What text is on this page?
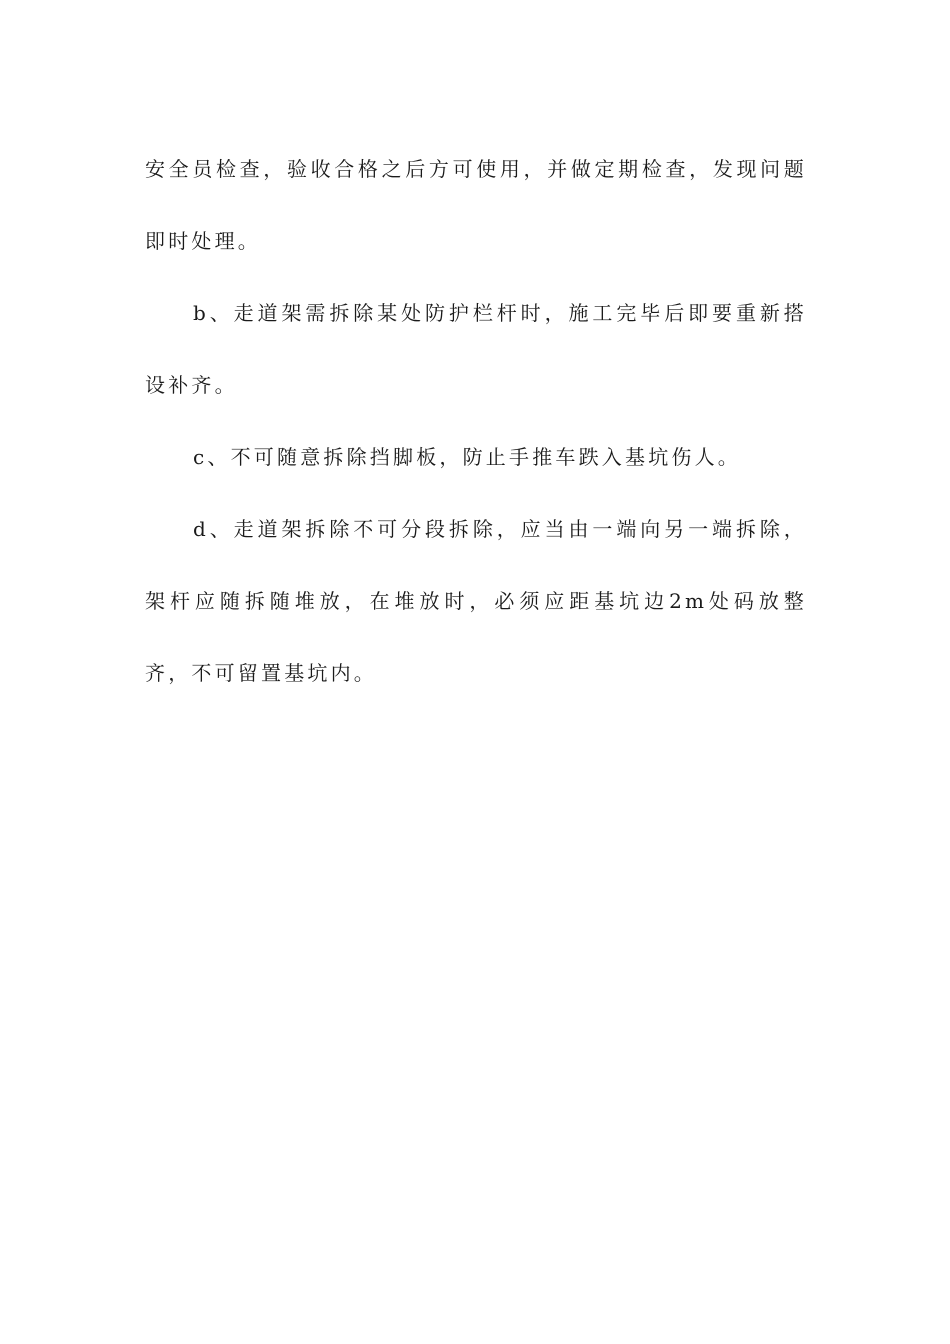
安全员检查，验收合格之后方可使用，并做定期检查，发现问题即时处理。

b、走道架需拆除某处防护栏杆时，施工完毕后即要重新搭设补齐。

c、不可随意拆除挡脚板，防止手推车跌入基坑伤人。

d、走道架拆除不可分段拆除，应当由一端向另一端拆除，架杆应随拆随堆放，在堆放时，必须应距基坑边2m处码放整齐，不可留置基坑内。
